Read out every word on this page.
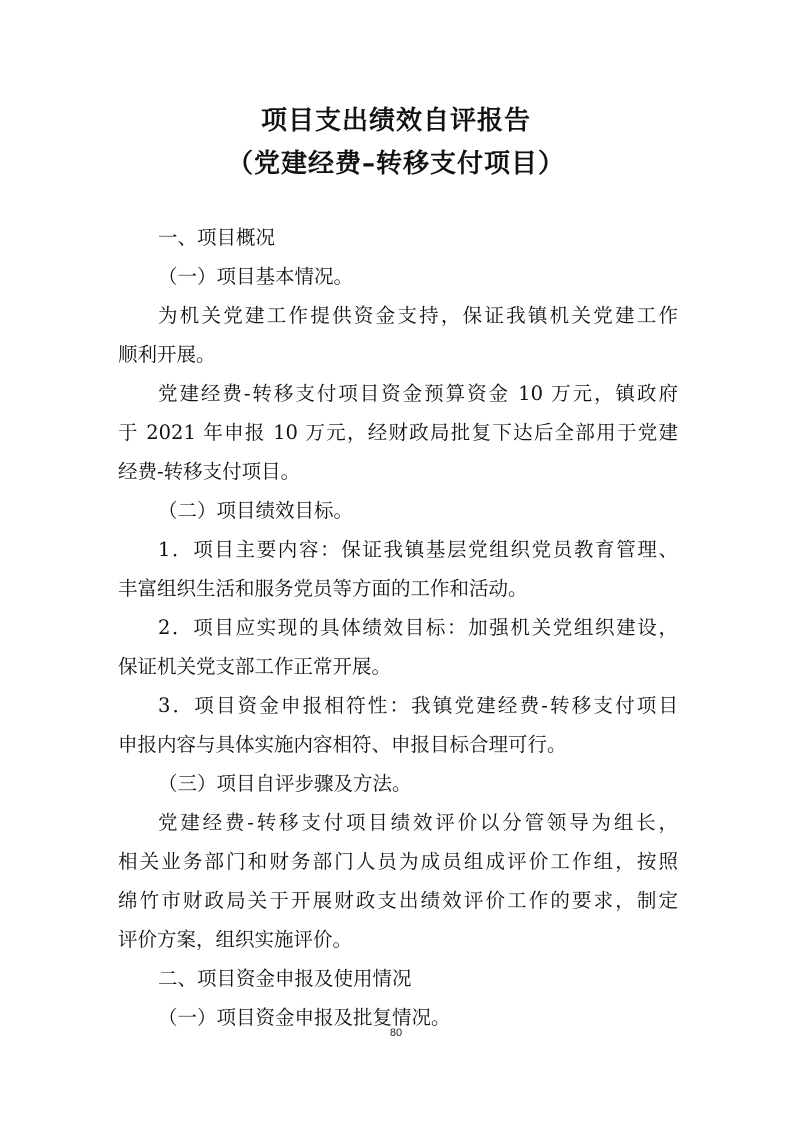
项目支出绩效自评报告
（党建经费–转移支付项目）
一、项目概况
（一）项目基本情况。
为机关党建工作提供资金支持，保证我镇机关党建工作
顺利开展。
党建经费-转移支付项目资金预算资金 10 万元，镇政府
于 2021 年申报 10 万元，经财政局批复下达后全部用于党建
经费-转移支付项目。
（二）项目绩效目标。
1．项目主要内容：保证我镇基层党组织党员教育管理、
丰富组织生活和服务党员等方面的工作和活动。
2．项目应实现的具体绩效目标：加强机关党组织建设，
保证机关党支部工作正常开展。
3．项目资金申报相符性：我镇党建经费-转移支付项目
申报内容与具体实施内容相符、申报目标合理可行。
（三）项目自评步骤及方法。
党建经费-转移支付项目绩效评价以分管领导为组长，
相关业务部门和财务部门人员为成员组成评价工作组，按照
绵竹市财政局关于开展财政支出绩效评价工作的要求，制定
评价方案，组织实施评价。
二、项目资金申报及使用情况
（一）项目资金申报及批复情况。
80
